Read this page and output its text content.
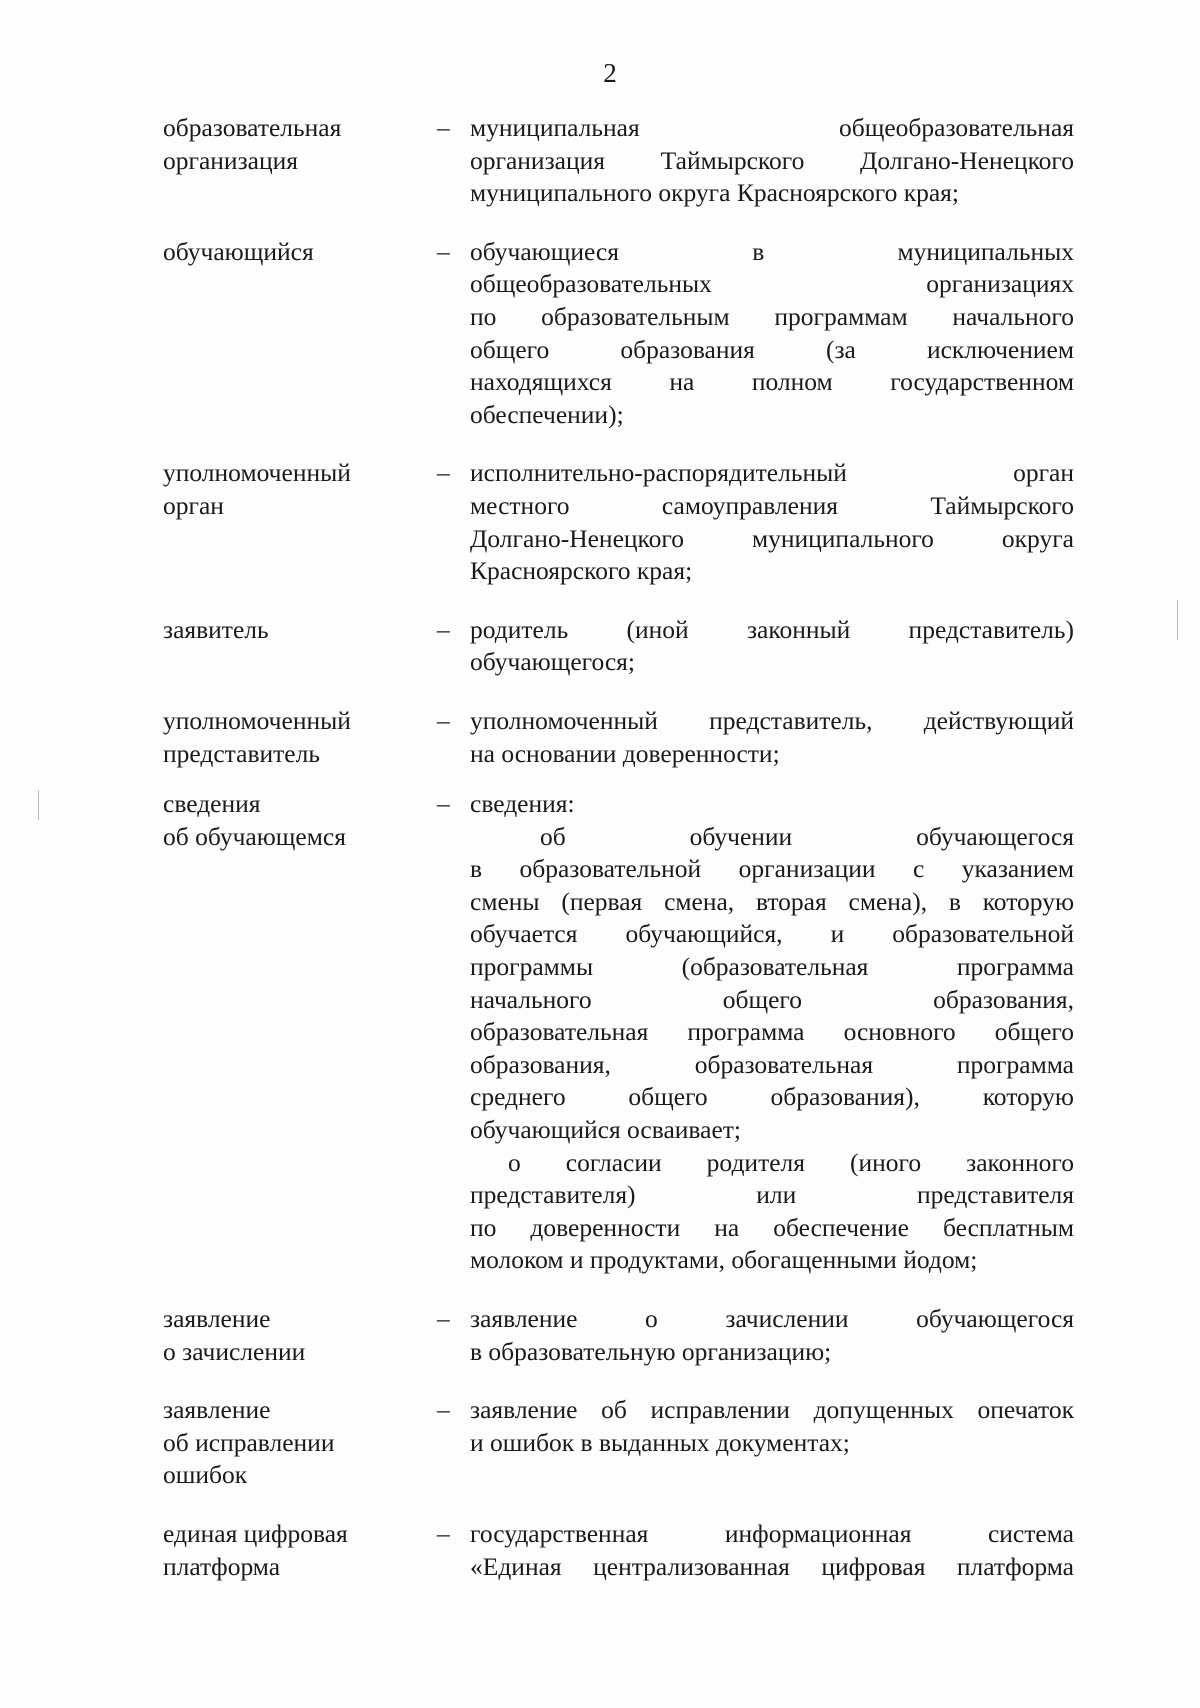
2
образовательная
организация
– муниципальная общеобразовательная
организация Таймырского Долгано-Ненецкого
муниципального округа Красноярского края;
обучающийся	– обучающиеся в муниципальных
общеобразовательных организациях
по образовательным программам начального
общего образования (за исключением
находящихся на полном государственном
обеспечении);
уполномоченный
орган
– исполнительно-распорядительный орган
местного самоуправления Таймырского
Долгано-Ненецкого муниципального округа
Красноярского края;
заявитель	– родитель (иной законный представитель)
обучающегося;
уполномоченный
представитель
– уполномоченный представитель, действующий
на основании доверенности;
сведения
об обучающемся
– сведения:
об обучении обучающегося
в образовательной организации с указанием
смены (первая смена, вторая смена), в которую
обучается обучающийся, и образовательной
программы (образовательная программа
начального общего образования,
образовательная программа основного общего
образования, образовательная программа
среднего общего образования), которую
обучающийся осваивает;
о согласии родителя (иного законного
представителя) или представителя
по доверенности на обеспечение бесплатным
молоком и продуктами, обогащенными йодом;
заявление
о зачислении
– заявление о зачислении обучающегося
в образовательную организацию;
заявление
об исправлении
ошибок
– заявление об исправлении допущенных опечаток
и ошибок в выданных документах;
единая цифровая
платформа
– государственная информационная система
«Единая централизованная цифровая платформа
